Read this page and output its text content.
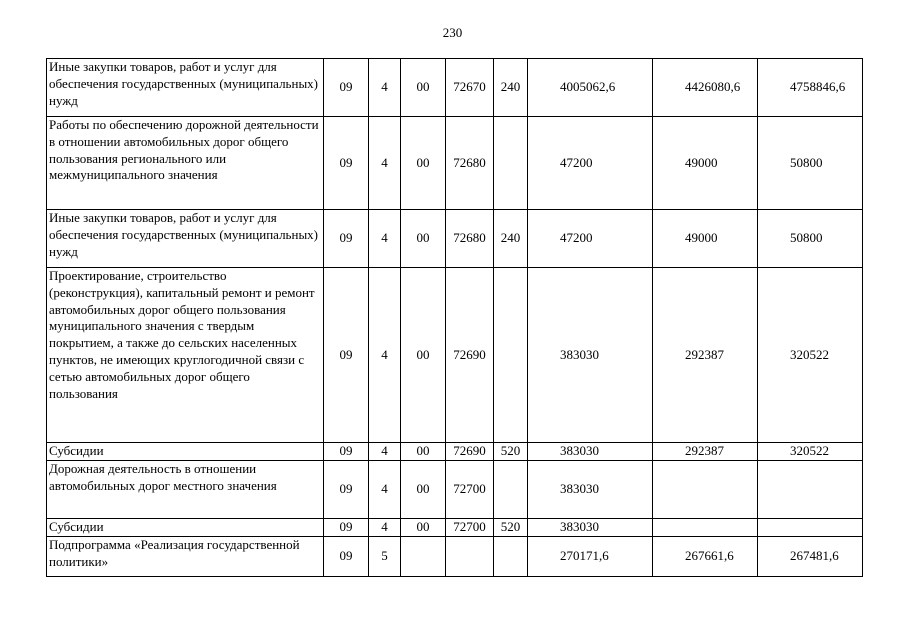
230
Иные закупки товаров, работ и услуг для обеспечения государственных (муниципальных) нужд	09	4	00	72670	240	4005062,6	4426080,6	4758846,6
Работы по обеспечению дорожной деятельности в отношении автомобильных дорог общего пользования регионального или межмуниципального значения	09	4	00	72680		47200	49000	50800
Иные закупки товаров, работ и услуг для обеспечения государственных (муниципальных) нужд	09	4	00	72680	240	47200	49000	50800
Проектирование, строительство (реконструкция), капитальный ремонт и ремонт автомобильных дорог общего пользования муниципального значения с твердым покрытием, а также до сельских населенных пунктов, не имеющих круглогодичной связи с сетью автомобильных дорог общего пользования	09	4	00	72690		383030	292387	320522
Субсидии	09	4	00	72690	520	383030	292387	320522
Дорожная деятельность в отношении автомобильных дорог местного значения	09	4	00	72700		383030		
Субсидии	09	4	00	72700	520	383030		
Подпрограмма «Реализация государственной политики»	09	5				270171,6	267661,6	267481,6
